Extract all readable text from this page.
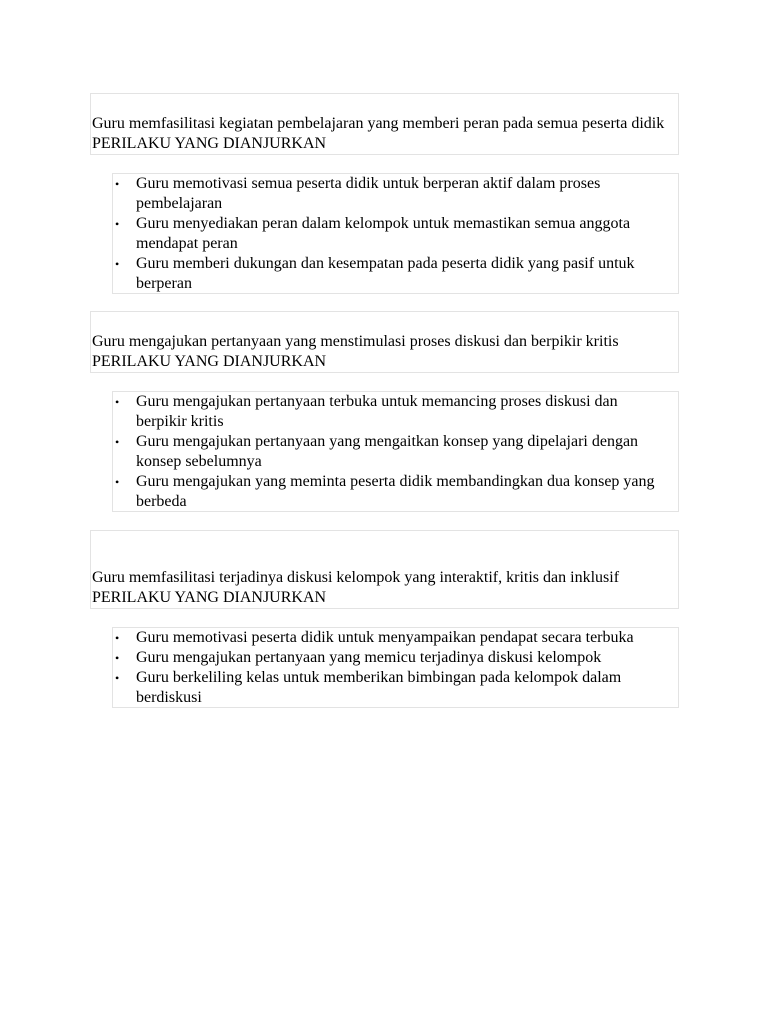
Guru memfasilitasi kegiatan pembelajaran yang memberi peran pada semua peserta didik
PERILAKU YANG DIANJURKAN
• Guru memotivasi semua peserta didik untuk berperan aktif dalam proses pembelajaran
• Guru menyediakan peran dalam kelompok untuk memastikan semua anggota mendapat peran
• Guru memberi dukungan dan kesempatan pada peserta didik yang pasif untuk berperan
Guru mengajukan pertanyaan yang menstimulasi proses diskusi dan berpikir kritis
PERILAKU YANG DIANJURKAN
• Guru mengajukan pertanyaan terbuka untuk memancing proses diskusi dan berpikir kritis
• Guru mengajukan pertanyaan yang mengaitkan konsep yang dipelajari dengan konsep sebelumnya
• Guru mengajukan yang meminta peserta didik membandingkan dua konsep yang berbeda
Guru memfasilitasi terjadinya diskusi kelompok yang interaktif, kritis dan inklusif
PERILAKU YANG DIANJURKAN
• Guru memotivasi peserta didik untuk menyampaikan pendapat secara terbuka
• Guru mengajukan pertanyaan yang memicu terjadinya diskusi kelompok
• Guru berkeliling kelas untuk memberikan bimbingan pada kelompok dalam berdiskusi
